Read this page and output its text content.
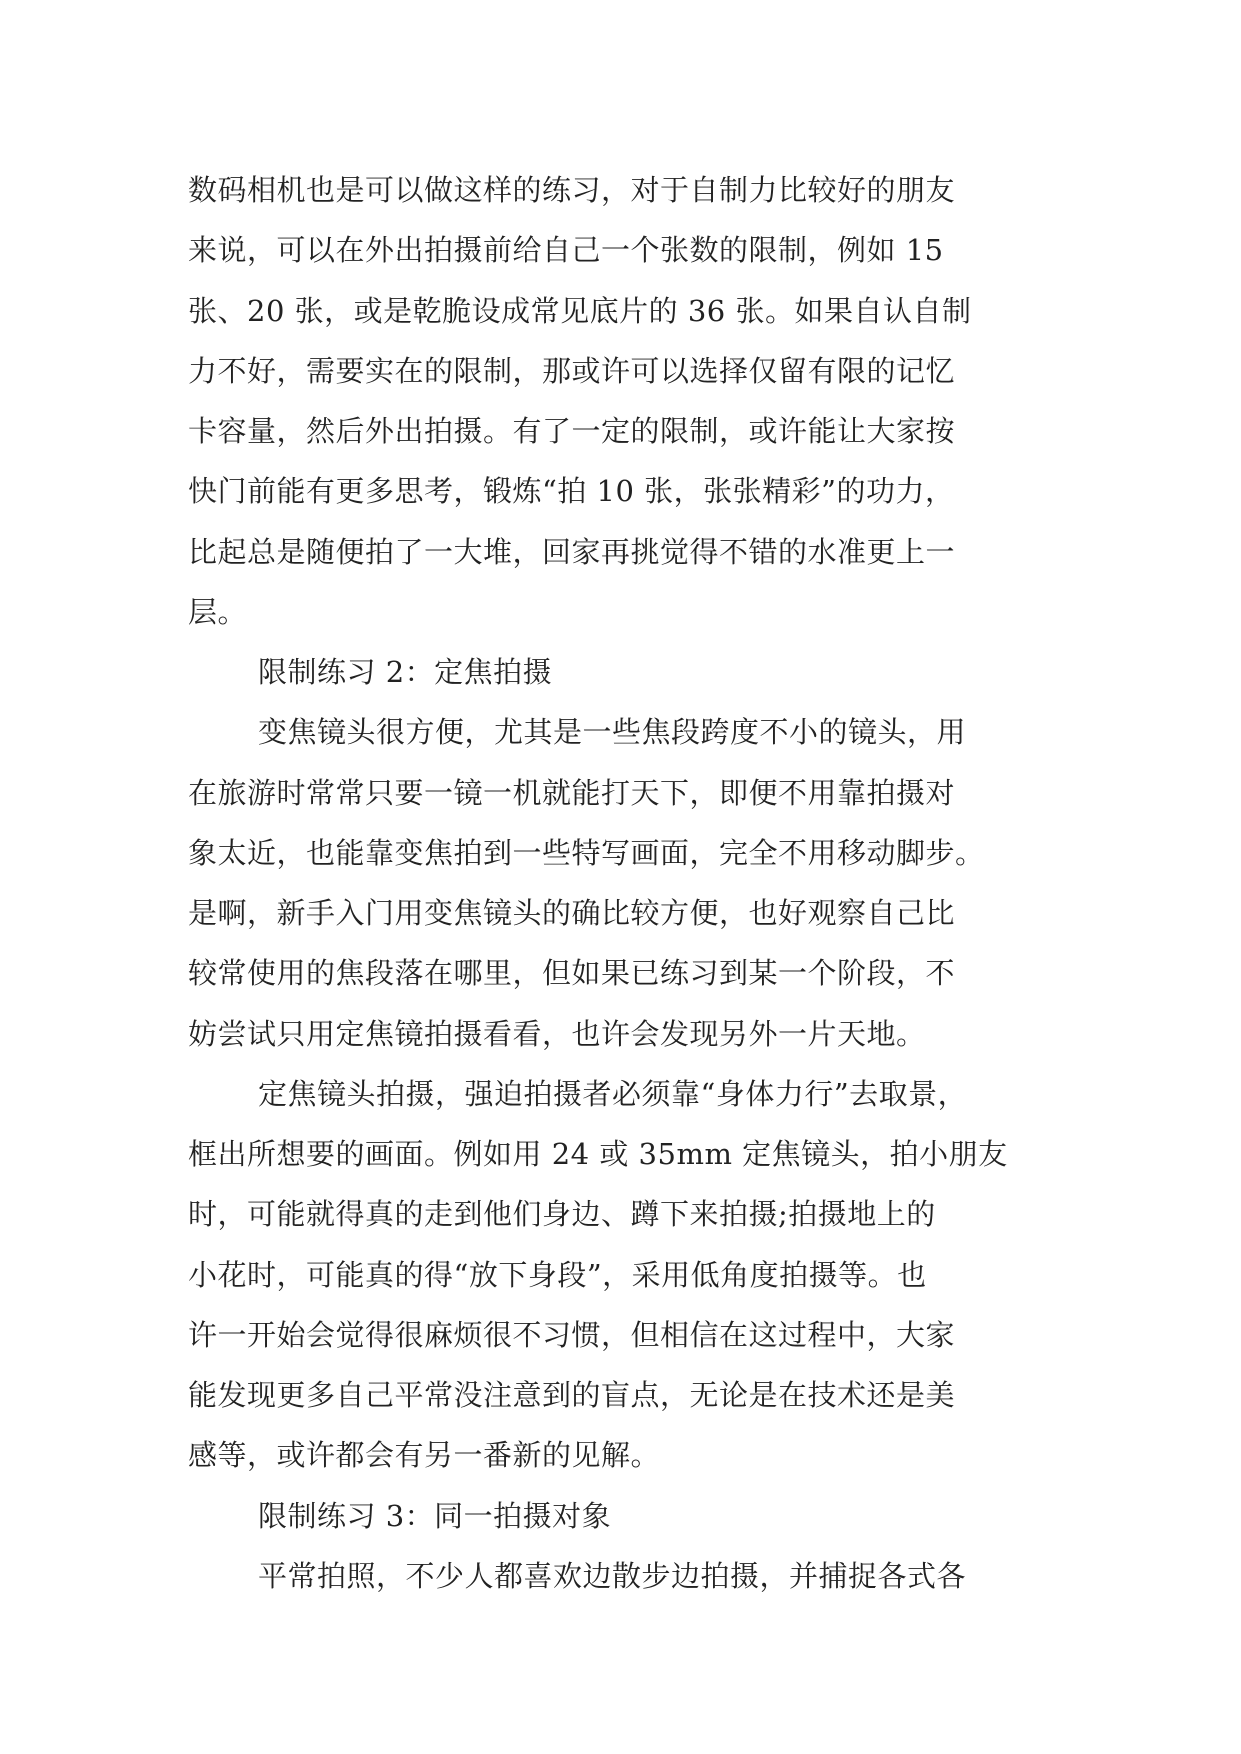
数码相机也是可以做这样的练习，对于自制力比较好的朋友
来说，可以在外出拍摄前给自己一个张数的限制，例如 15
张、20 张，或是乾脆设成常见底片的 36 张。如果自认自制
力不好，需要实在的限制，那或许可以选择仅留有限的记忆
卡容量，然后外出拍摄。有了一定的限制，或许能让大家按
快门前能有更多思考，锻炼“拍 10 张，张张精彩”的功力，
比起总是随便拍了一大堆，回家再挑觉得不错的水准更上一
层。
限制练习 2：定焦拍摄
变焦镜头很方便，尤其是一些焦段跨度不小的镜头，用
在旅游时常常只要一镜一机就能打天下，即便不用靠拍摄对
象太近，也能靠变焦拍到一些特写画面，完全不用移动脚步。
是啊，新手入门用变焦镜头的确比较方便，也好观察自己比
较常使用的焦段落在哪里，但如果已练习到某一个阶段，不
妨尝试只用定焦镜拍摄看看，也许会发现另外一片天地。
定焦镜头拍摄，强迫拍摄者必须靠“身体力行”去取景，
框出所想要的画面。例如用 24 或 35mm 定焦镜头，拍小朋友
时，可能就得真的走到他们身边、蹲下来拍摄;拍摄地上的
小花时，可能真的得“放下身段”，采用低角度拍摄等。也
许一开始会觉得很麻烦很不习惯，但相信在这过程中，大家
能发现更多自己平常没注意到的盲点，无论是在技术还是美
感等，或许都会有另一番新的见解。
限制练习 3：同一拍摄对象
平常拍照，不少人都喜欢边散步边拍摄，并捕捉各式各
